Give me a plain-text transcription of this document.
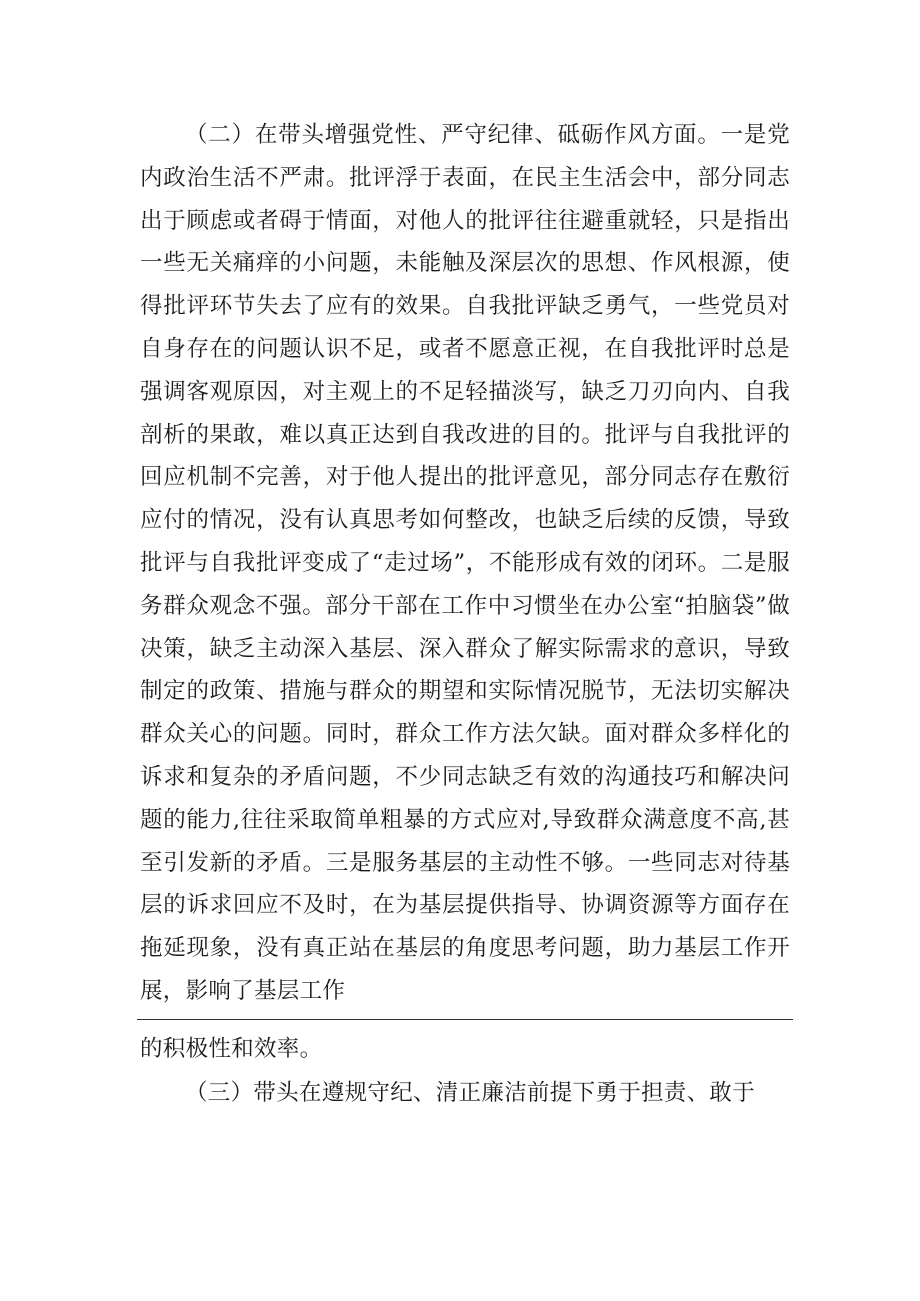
（二）在带头增强党性、严守纪律、砥砺作风方面。一是党内政治生活不严肃。批评浮于表面，在民主生活会中，部分同志出于顾虑或者碍于情面，对他人的批评往往避重就轻，只是指出一些无关痛痒的小问题，未能触及深层次的思想、作风根源，使得批评环节失去了应有的效果。自我批评缺乏勇气，一些党员对自身存在的问题认识不足，或者不愿意正视，在自我批评时总是强调客观原因，对主观上的不足轻描淡写，缺乏刀刃向内、自我剖析的果敢，难以真正达到自我改进的目的。批评与自我批评的回应机制不完善，对于他人提出的批评意见，部分同志存在敷衍应付的情况，没有认真思考如何整改，也缺乏后续的反馈，导致批评与自我批评变成了“走过场”，不能形成有效的闭环。二是服务群众观念不强。部分干部在工作中习惯坐在办公室“拍脑袋”做决策，缺乏主动深入基层、深入群众了解实际需求的意识，导致制定的政策、措施与群众的期望和实际情况脱节，无法切实解决群众关心的问题。同时，群众工作方法欠缺。面对群众多样化的诉求和复杂的矛盾问题，不少同志缺乏有效的沟通技巧和解决问题的能力,往往采取简单粗暴的方式应对,导致群众满意度不高,甚至引发新的矛盾。三是服务基层的主动性不够。一些同志对待基层的诉求回应不及时，在为基层提供指导、协调资源等方面存在拖延现象，没有真正站在基层的角度思考问题，助力基层工作开展，影响了基层工作

的积极性和效率。

（三）带头在遵规守纪、清正廉洁前提下勇于担责、敢于
